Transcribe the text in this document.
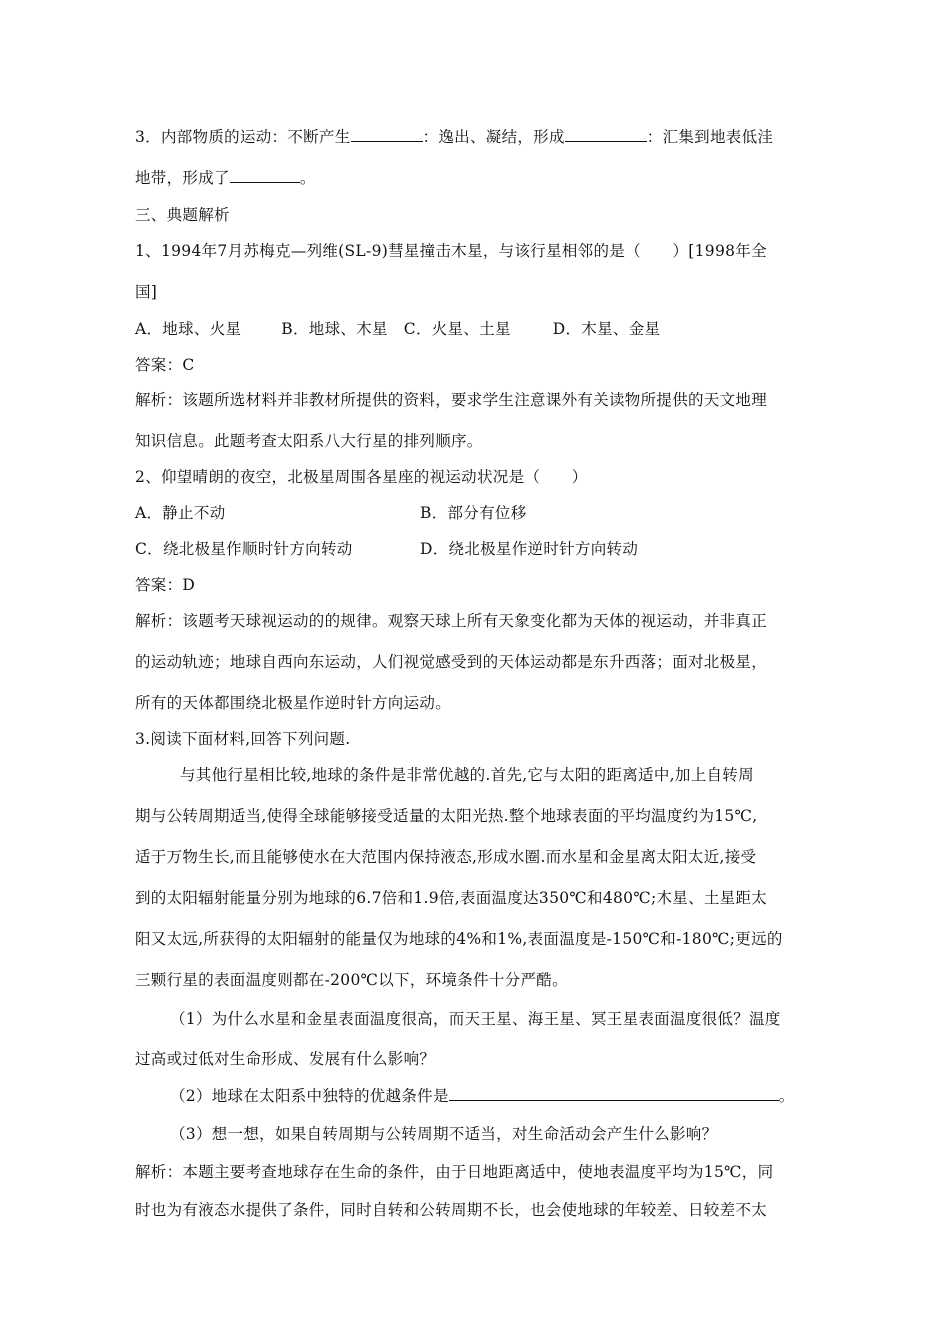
3．内部物质的运动：不断产生	：逸出、凝结，形成	：汇集到地表低洼
地带，形成了	。
三、典题解析
1、1994年7月苏梅克—列维(SL-9)彗星撞击木星，与该行星相邻的是（　　）[1998年全
国]
A．地球、火星	B．地球、木星 C．火星、土星	D．木星、金星
答案：C
解析：该题所选材料并非教材所提供的资料，要求学生注意课外有关读物所提供的天文地理
知识信息。此题考查太阳系八大行星的排列顺序。
2、仰望晴朗的夜空，北极星周围各星座的视运动状况是（　　）
A．静止不动	B．部分有位移
C．绕北极星作顺时针方向转动	D．绕北极星作逆时针方向转动
答案：D
解析：该题考天球视运动的的规律。观察天球上所有天象变化都为天体的视运动，并非真正
的运动轨迹；地球自西向东运动，人们视觉感受到的天体运动都是东升西落；面对北极星，
所有的天体都围绕北极星作逆时针方向运动。
3.阅读下面材料,回答下列问题.
与其他行星相比较,地球的条件是非常优越的.首先,它与太阳的距离适中,加上自转周
期与公转周期适当,使得全球能够接受适量的太阳光热.整个地球表面的平均温度约为15℃,
适于万物生长,而且能够使水在大范围内保持液态,形成水圈.而水星和金星离太阳太近,接受
到的太阳辐射能量分别为地球的6.7倍和1.9倍,表面温度达350℃和480℃;木星、土星距太
阳又太远,所获得的太阳辐射的能量仅为地球的4%和1%,表面温度是-150℃和-180℃;更远的
三颗行星的表面温度则都在-200℃以下，环境条件十分严酷。
（1）为什么水星和金星表面温度很高，而天王星、海王星、冥王星表面温度很低？温度
过高或过低对生命形成、发展有什么影响？
（2）地球在太阳系中独特的优越条件是	。
（3）想一想，如果自转周期与公转周期不适当，对生命活动会产生什么影响？
解析：本题主要考查地球存在生命的条件，由于日地距离适中，使地表温度平均为15℃，同
时也为有液态水提供了条件，同时自转和公转周期不长，也会使地球的年较差、日较差不太
